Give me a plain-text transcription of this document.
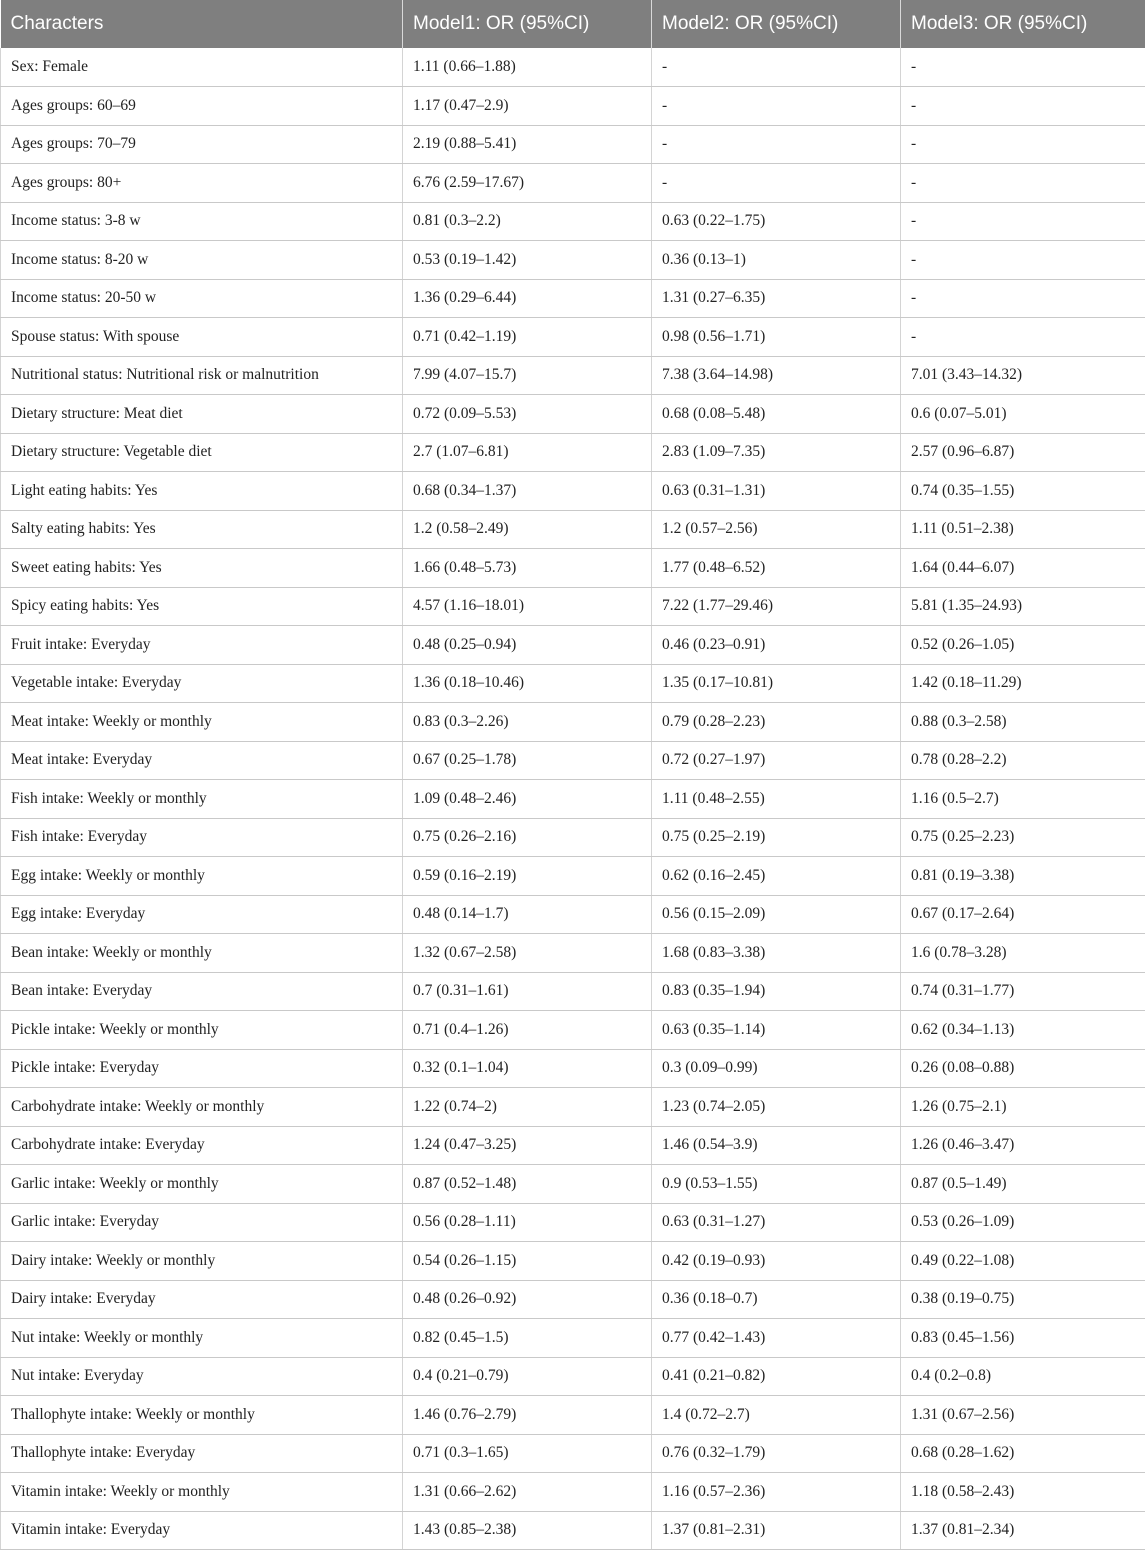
Characters	Model1: OR (95%CI)	Model2: OR (95%CI)	Model3: OR (95%CI)
Sex: Female	1.11 (0.66–1.88)	-	-
Ages groups: 60–69	1.17 (0.47–2.9)	-	-
Ages groups: 70–79	2.19 (0.88–5.41)	-	-
Ages groups: 80+	6.76 (2.59–17.67)	-	-
Income status: 3-8 w	0.81 (0.3–2.2)	0.63 (0.22–1.75)	-
Income status: 8-20 w	0.53 (0.19–1.42)	0.36 (0.13–1)	-
Income status: 20-50 w	1.36 (0.29–6.44)	1.31 (0.27–6.35)	-
Spouse status: With spouse	0.71 (0.42–1.19)	0.98 (0.56–1.71)	-
Nutritional status: Nutritional risk or malnutrition	7.99 (4.07–15.7)	7.38 (3.64–14.98)	7.01 (3.43–14.32)
Dietary structure: Meat diet	0.72 (0.09–5.53)	0.68 (0.08–5.48)	0.6 (0.07–5.01)
Dietary structure: Vegetable diet	2.7 (1.07–6.81)	2.83 (1.09–7.35)	2.57 (0.96–6.87)
Light eating habits: Yes	0.68 (0.34–1.37)	0.63 (0.31–1.31)	0.74 (0.35–1.55)
Salty eating habits: Yes	1.2 (0.58–2.49)	1.2 (0.57–2.56)	1.11 (0.51–2.38)
Sweet eating habits: Yes	1.66 (0.48–5.73)	1.77 (0.48–6.52)	1.64 (0.44–6.07)
Spicy eating habits: Yes	4.57 (1.16–18.01)	7.22 (1.77–29.46)	5.81 (1.35–24.93)
Fruit intake: Everyday	0.48 (0.25–0.94)	0.46 (0.23–0.91)	0.52 (0.26–1.05)
Vegetable intake: Everyday	1.36 (0.18–10.46)	1.35 (0.17–10.81)	1.42 (0.18–11.29)
Meat intake: Weekly or monthly	0.83 (0.3–2.26)	0.79 (0.28–2.23)	0.88 (0.3–2.58)
Meat intake: Everyday	0.67 (0.25–1.78)	0.72 (0.27–1.97)	0.78 (0.28–2.2)
Fish intake: Weekly or monthly	1.09 (0.48–2.46)	1.11 (0.48–2.55)	1.16 (0.5–2.7)
Fish intake: Everyday	0.75 (0.26–2.16)	0.75 (0.25–2.19)	0.75 (0.25–2.23)
Egg intake: Weekly or monthly	0.59 (0.16–2.19)	0.62 (0.16–2.45)	0.81 (0.19–3.38)
Egg intake: Everyday	0.48 (0.14–1.7)	0.56 (0.15–2.09)	0.67 (0.17–2.64)
Bean intake: Weekly or monthly	1.32 (0.67–2.58)	1.68 (0.83–3.38)	1.6 (0.78–3.28)
Bean intake: Everyday	0.7 (0.31–1.61)	0.83 (0.35–1.94)	0.74 (0.31–1.77)
Pickle intake: Weekly or monthly	0.71 (0.4–1.26)	0.63 (0.35–1.14)	0.62 (0.34–1.13)
Pickle intake: Everyday	0.32 (0.1–1.04)	0.3 (0.09–0.99)	0.26 (0.08–0.88)
Carbohydrate intake: Weekly or monthly	1.22 (0.74–2)	1.23 (0.74–2.05)	1.26 (0.75–2.1)
Carbohydrate intake: Everyday	1.24 (0.47–3.25)	1.46 (0.54–3.9)	1.26 (0.46–3.47)
Garlic intake: Weekly or monthly	0.87 (0.52–1.48)	0.9 (0.53–1.55)	0.87 (0.5–1.49)
Garlic intake: Everyday	0.56 (0.28–1.11)	0.63 (0.31–1.27)	0.53 (0.26–1.09)
Dairy intake: Weekly or monthly	0.54 (0.26–1.15)	0.42 (0.19–0.93)	0.49 (0.22–1.08)
Dairy intake: Everyday	0.48 (0.26–0.92)	0.36 (0.18–0.7)	0.38 (0.19–0.75)
Nut intake: Weekly or monthly	0.82 (0.45–1.5)	0.77 (0.42–1.43)	0.83 (0.45–1.56)
Nut intake: Everyday	0.4 (0.21–0.79)	0.41 (0.21–0.82)	0.4 (0.2–0.8)
Thallophyte intake: Weekly or monthly	1.46 (0.76–2.79)	1.4 (0.72–2.7)	1.31 (0.67–2.56)
Thallophyte intake: Everyday	0.71 (0.3–1.65)	0.76 (0.32–1.79)	0.68 (0.28–1.62)
Vitamin intake: Weekly or monthly	1.31 (0.66–2.62)	1.16 (0.57–2.36)	1.18 (0.58–2.43)
Vitamin intake: Everyday	1.43 (0.85–2.38)	1.37 (0.81–2.31)	1.37 (0.81–2.34)
